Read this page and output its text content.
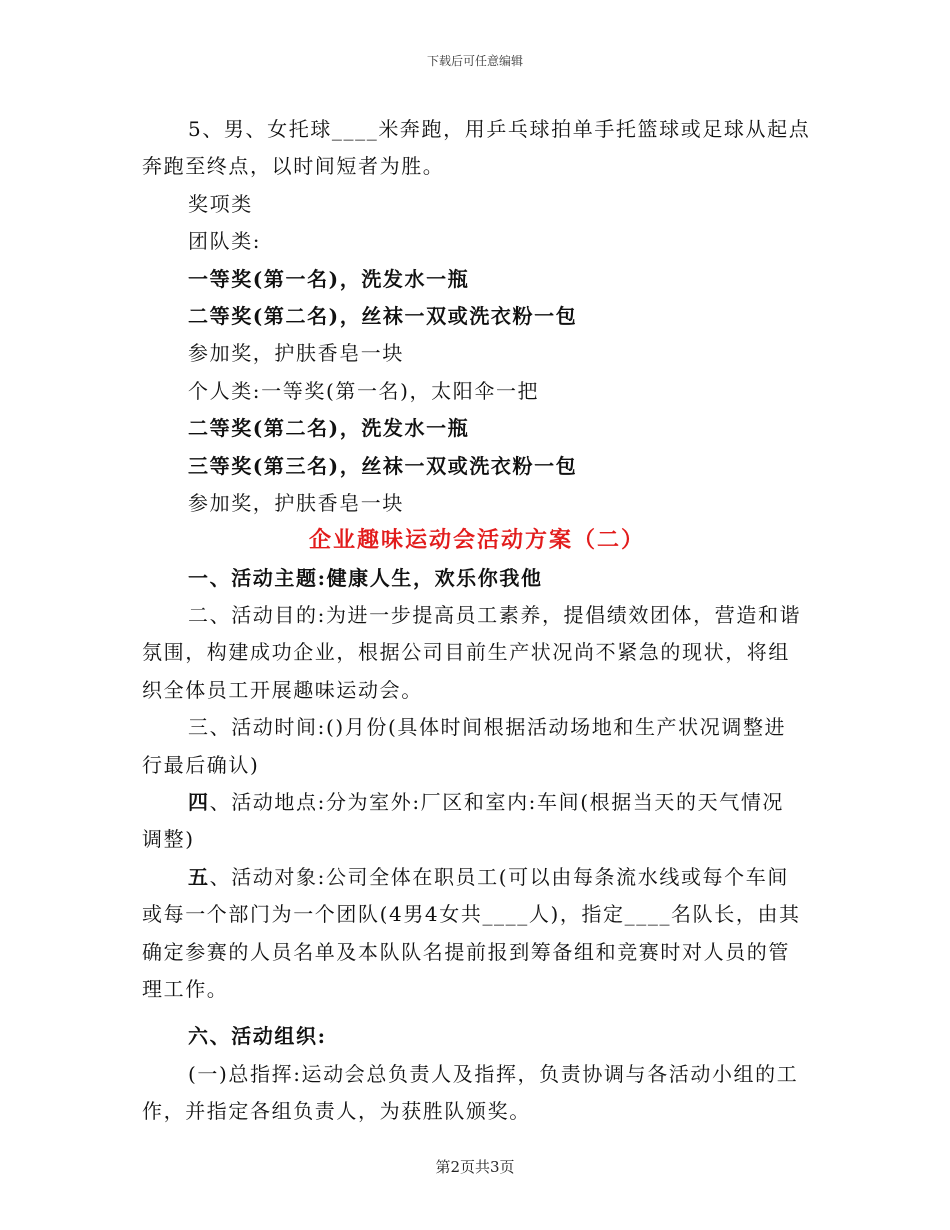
下载后可任意编辑
5、男、女托球____米奔跑，用乒乓球拍单手托篮球或足球从起点
奔跑至终点，以时间短者为胜。
奖项类
团队类:
一等奖(第一名)，洗发水一瓶
二等奖(第二名)，丝袜一双或洗衣粉一包
参加奖，护肤香皂一块
个人类:一等奖(第一名)，太阳伞一把
二等奖(第二名)，洗发水一瓶
三等奖(第三名)，丝袜一双或洗衣粉一包
参加奖，护肤香皂一块
企业趣味运动会活动方案（二）
一、活动主题:健康人生，欢乐你我他
二、活动目的:为进一步提高员工素养，提倡绩效团体，营造和谐
氛围，构建成功企业，根据公司目前生产状况尚不紧急的现状，将组
织全体员工开展趣味运动会。
三、活动时间:()月份(具体时间根据活动场地和生产状况调整进
行最后确认)
四、活动地点:分为室外:厂区和室内:车间(根据当天的天气情况
调整)
五、活动对象:公司全体在职员工(可以由每条流水线或每个车间
或每一个部门为一个团队(4男4女共____人)，指定____名队长，由其
确定参赛的人员名单及本队队名提前报到筹备组和竞赛时对人员的管
理工作。
六、活动组织:
(一)总指挥:运动会总负责人及指挥，负责协调与各活动小组的工
作，并指定各组负责人，为获胜队颁奖。
第2页共3页
